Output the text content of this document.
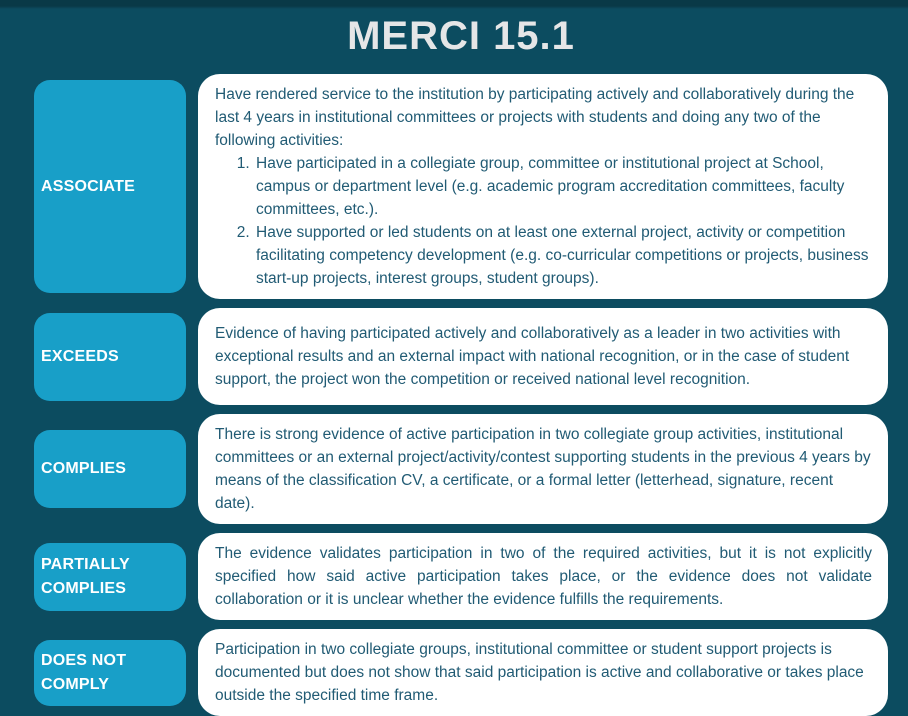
MERCI 15.1
ASSOCIATE

Have rendered service to the institution by participating actively and collaboratively during the last 4 years in institutional committees or projects with students and doing any two of the following activities:

1. Have participated in a collegiate group, committee or institutional project at School, campus or department level (e.g. academic program accreditation committees, faculty committees, etc.).
2. Have supported or led students on at least one external project, activity or competition facilitating competency development (e.g. co-curricular competitions or projects, business start-up projects, interest groups, student groups).
EXCEEDS

Evidence of having participated actively and collaboratively as a leader in two activities with exceptional results and an external impact with national recognition, or in the case of student support, the project won the competition or received national level recognition.

COMPLIES

There is strong evidence of active participation in two collegiate group activities, institutional committees or an external project/activity/contest supporting students in the previous 4 years by means of the classification CV, a certificate, or a formal letter (letterhead, signature, recent date).

PARTIALLY COMPLIES

The evidence validates participation in two of the required activities, but it is not explicitly specified how said active participation takes place, or the evidence does not validate collaboration or it is unclear whether the evidence fulfills the requirements.

DOES NOT COMPLY

Participation in two collegiate groups, institutional committee or student support projects is documented but does not show that said participation is active and collaborative or takes place outside the specified time frame.
